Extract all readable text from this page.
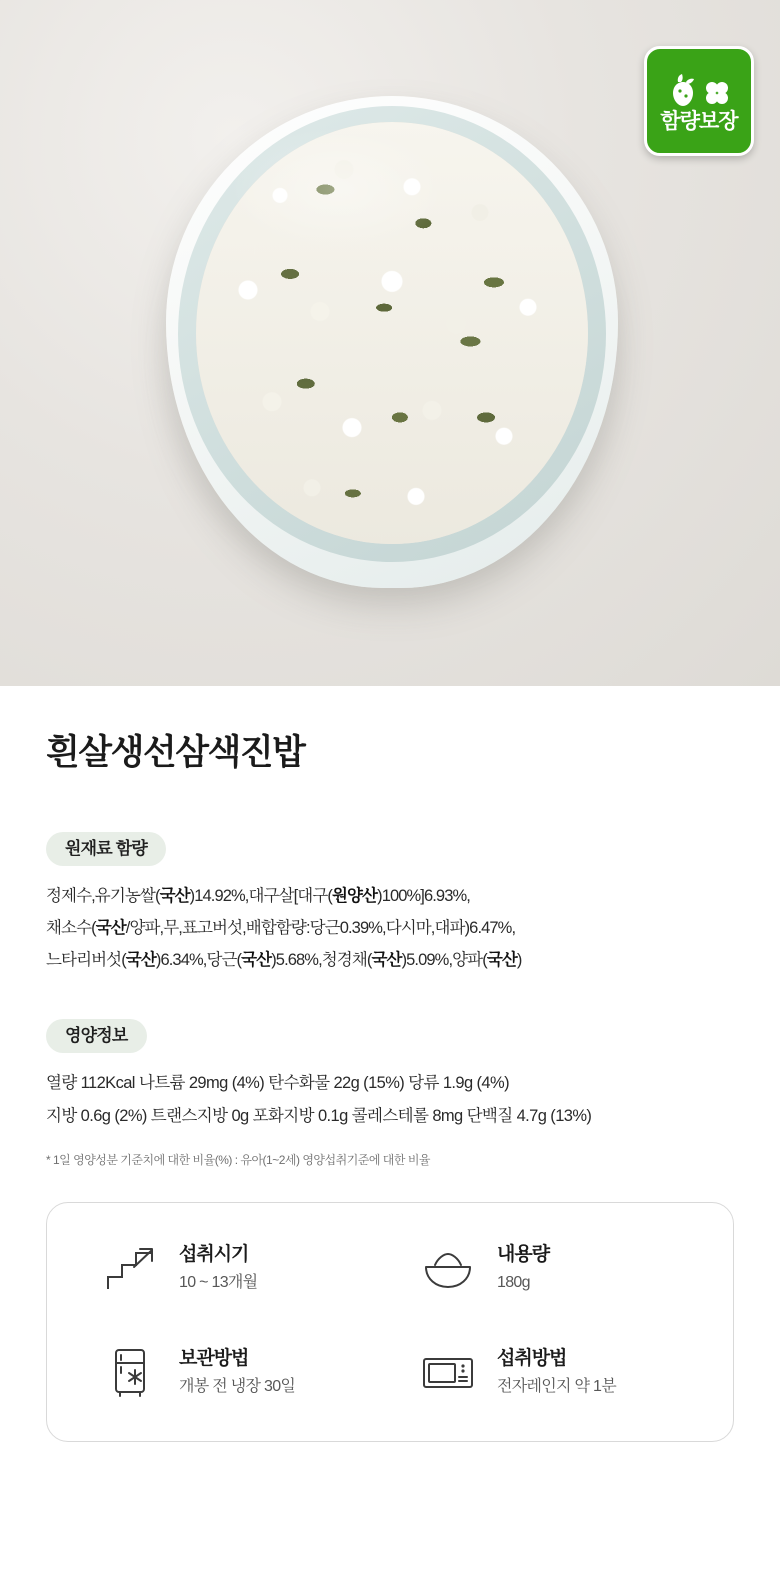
함량보장
흰살생선삼색진밥
원재료 함량
정제수,유기농쌀(국산)14.92%,대구살[대구(원양산)100%]6.93%,
채소수(국산/양파,무,표고버섯,배합함량:당근0.39%,다시마,대파)6.47%,
느타리버섯(국산)6.34%,당근(국산)5.68%,청경채(국산)5.09%,양파(국산)
영양정보
열량 112Kcal 나트륨 29mg (4%) 탄수화물 22g (15%) 당류 1.9g (4%)
지방 0.6g (2%) 트랜스지방 0g 포화지방 0.1g 콜레스테롤 8mg 단백질 4.7g (13%)
* 1일 영양성분 기준치에 대한 비율(%) : 유아(1~2세) 영양섭취기준에 대한 비율
섭취시기
10 ~ 13개월
내용량
180g
보관방법
개봉 전 냉장 30일
섭취방법
전자레인지 약 1분
